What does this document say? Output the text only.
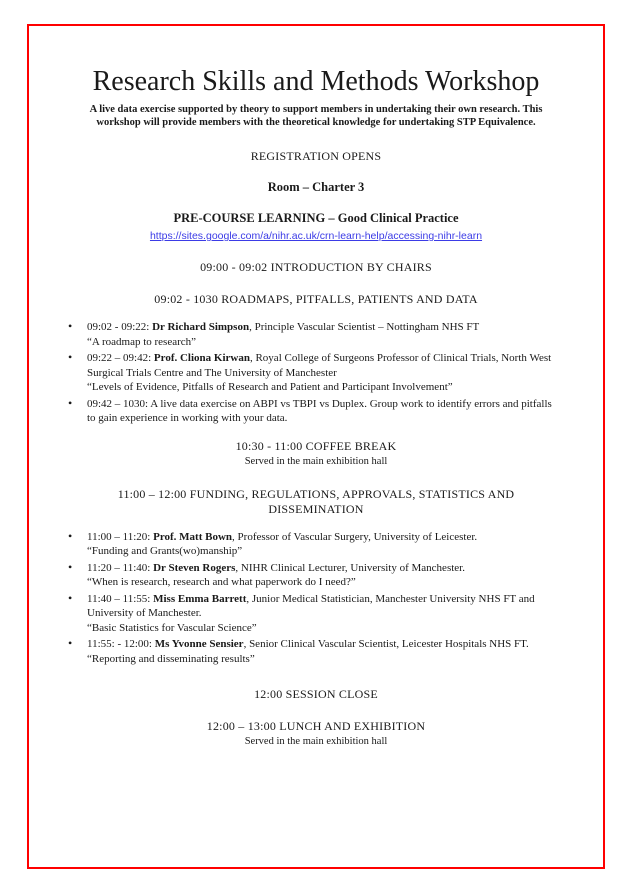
Research Skills and Methods Workshop

A live data exercise supported by theory to support members in undertaking their own research. This workshop will provide members with the theoretical knowledge for undertaking STP Equivalence.

REGISTRATION OPENS

Room – Charter 3

PRE-COURSE LEARNING – Good Clinical Practice

https://sites.google.com/a/nihr.ac.uk/crn-learn-help/accessing-nihr-learn

09:00 - 09:02 INTRODUCTION BY CHAIRS

09:02 - 1030 ROADMAPS, PITFALLS, PATIENTS AND DATA

• 09:02 - 09:22: Dr Richard Simpson, Principle Vascular Scientist – Nottingham NHS FT
“A roadmap to research”
• 09:22 – 09:42: Prof. Cliona Kirwan, Royal College of Surgeons Professor of Clinical Trials, North West Surgical Trials Centre and The University of Manchester
“Levels of Evidence, Pitfalls of Research and Patient and Participant Involvement”
• 09:42 – 1030: A live data exercise on ABPI vs TBPI vs Duplex. Group work to identify errors and pitfalls to gain experience in working with your data.

10:30 - 11:00 COFFEE BREAK

Served in the main exhibition hall

11:00 – 12:00 FUNDING, REGULATIONS, APPROVALS, STATISTICS AND DISSEMINATION

• 11:00 – 11:20: Prof. Matt Bown, Professor of Vascular Surgery, University of Leicester.
“Funding and Grants(wo)manship”
• 11:20 – 11:40: Dr Steven Rogers, NIHR Clinical Lecturer, University of Manchester.
“When is research, research and what paperwork do I need?”
• 11:40 – 11:55: Miss Emma Barrett, Junior Medical Statistician, Manchester University NHS FT and University of Manchester.
“Basic Statistics for Vascular Science”
• 11:55: - 12:00: Ms Yvonne Sensier, Senior Clinical Vascular Scientist, Leicester Hospitals NHS FT.
“Reporting and disseminating results”

12:00 SESSION CLOSE

12:00 – 13:00 LUNCH AND EXHIBITION

Served in the main exhibition hall
